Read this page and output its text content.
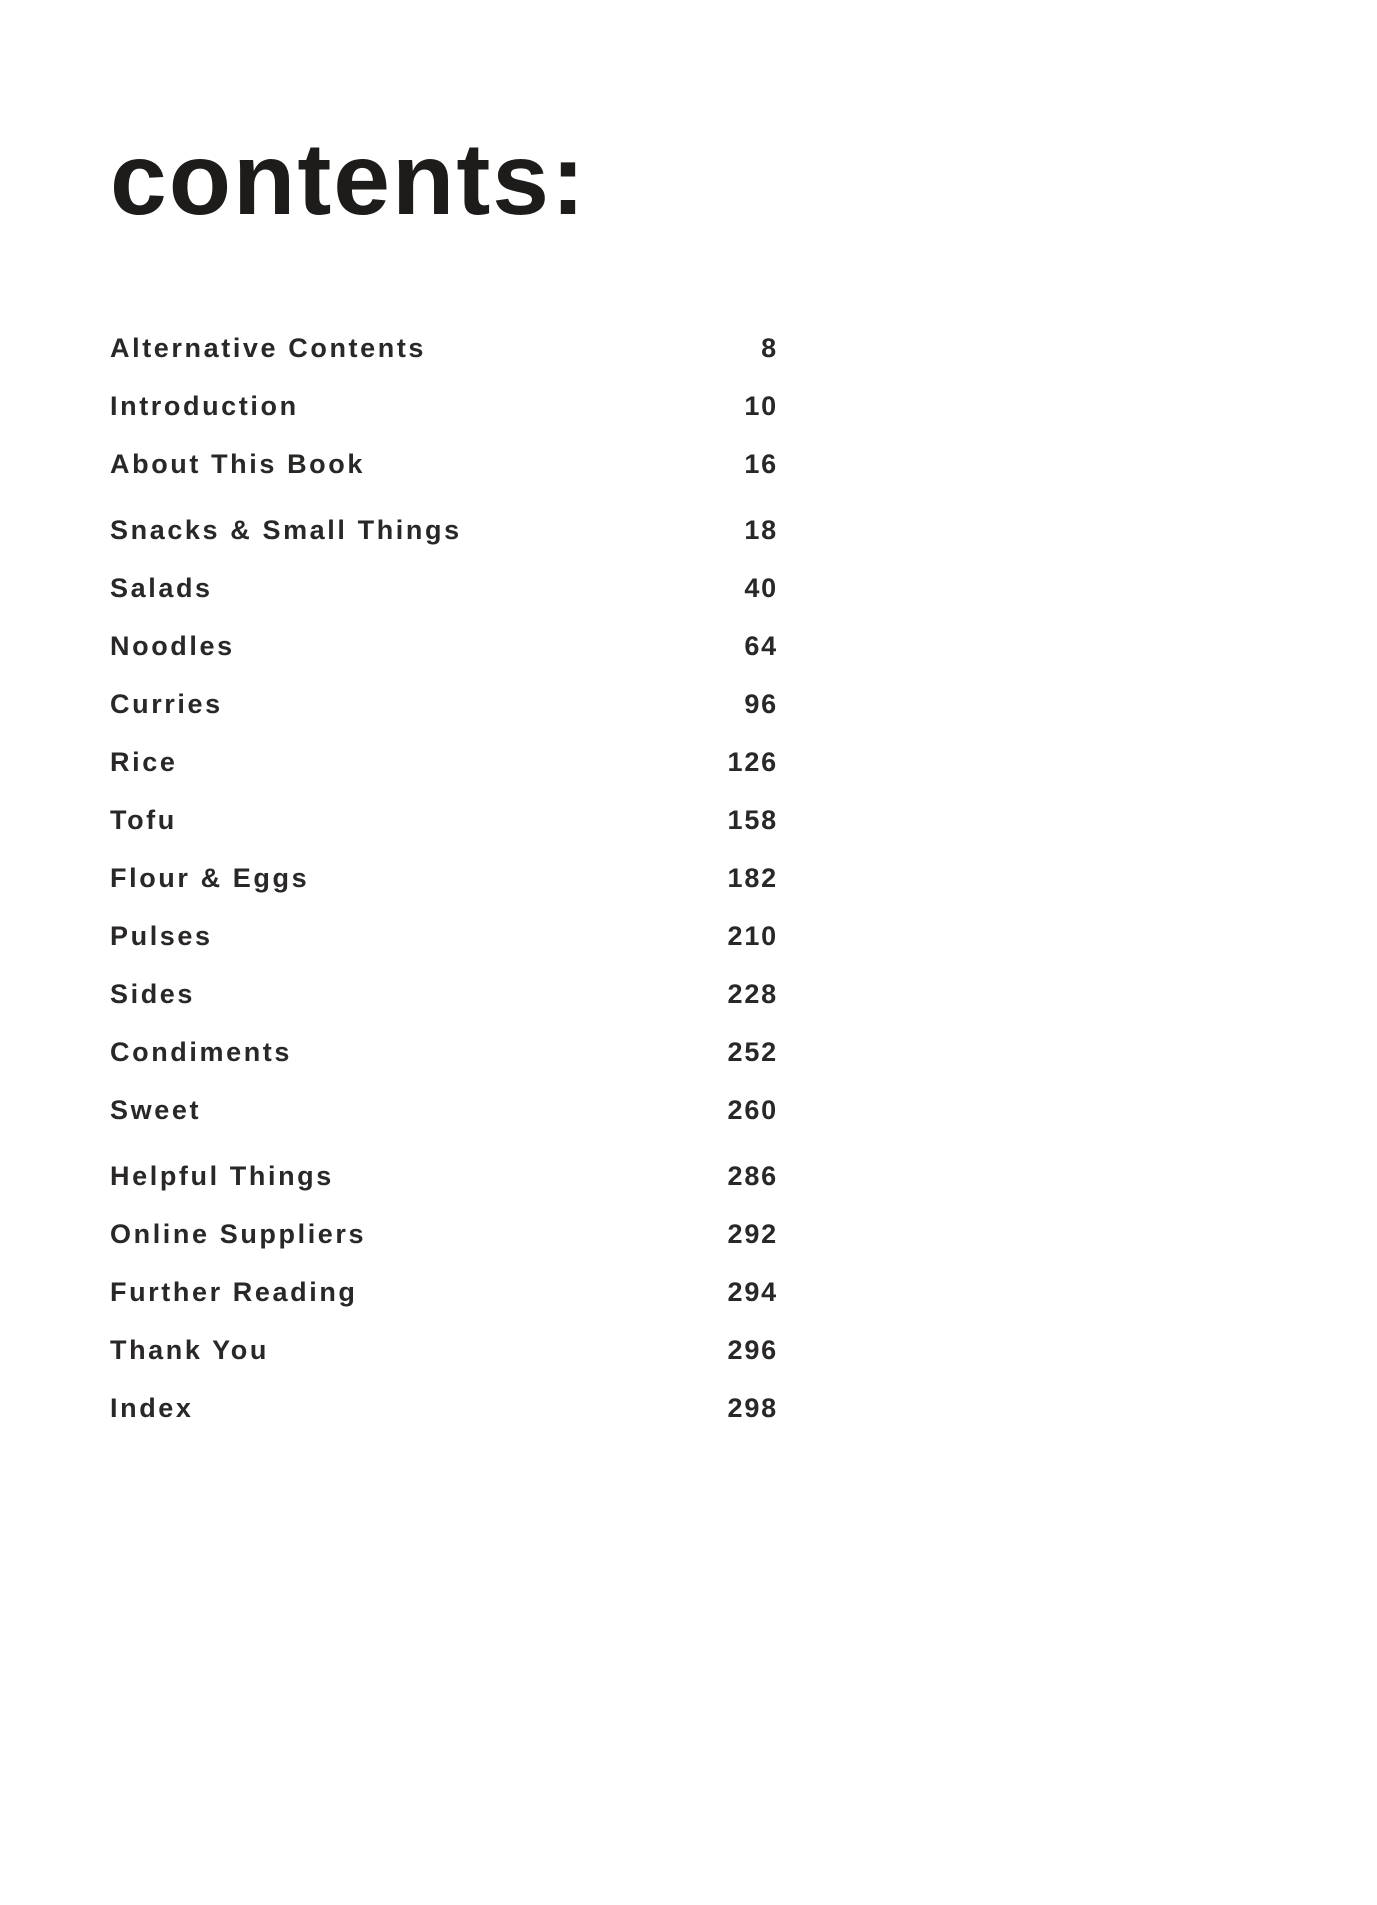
contents:
Alternative Contents	8
Introduction	10
About This Book	16
Snacks & Small Things	18
Salads	40
Noodles	64
Curries	96
Rice	126
Tofu	158
Flour & Eggs	182
Pulses	210
Sides	228
Condiments	252
Sweet	260
Helpful Things	286
Online Suppliers	292
Further Reading	294
Thank You	296
Index	298
